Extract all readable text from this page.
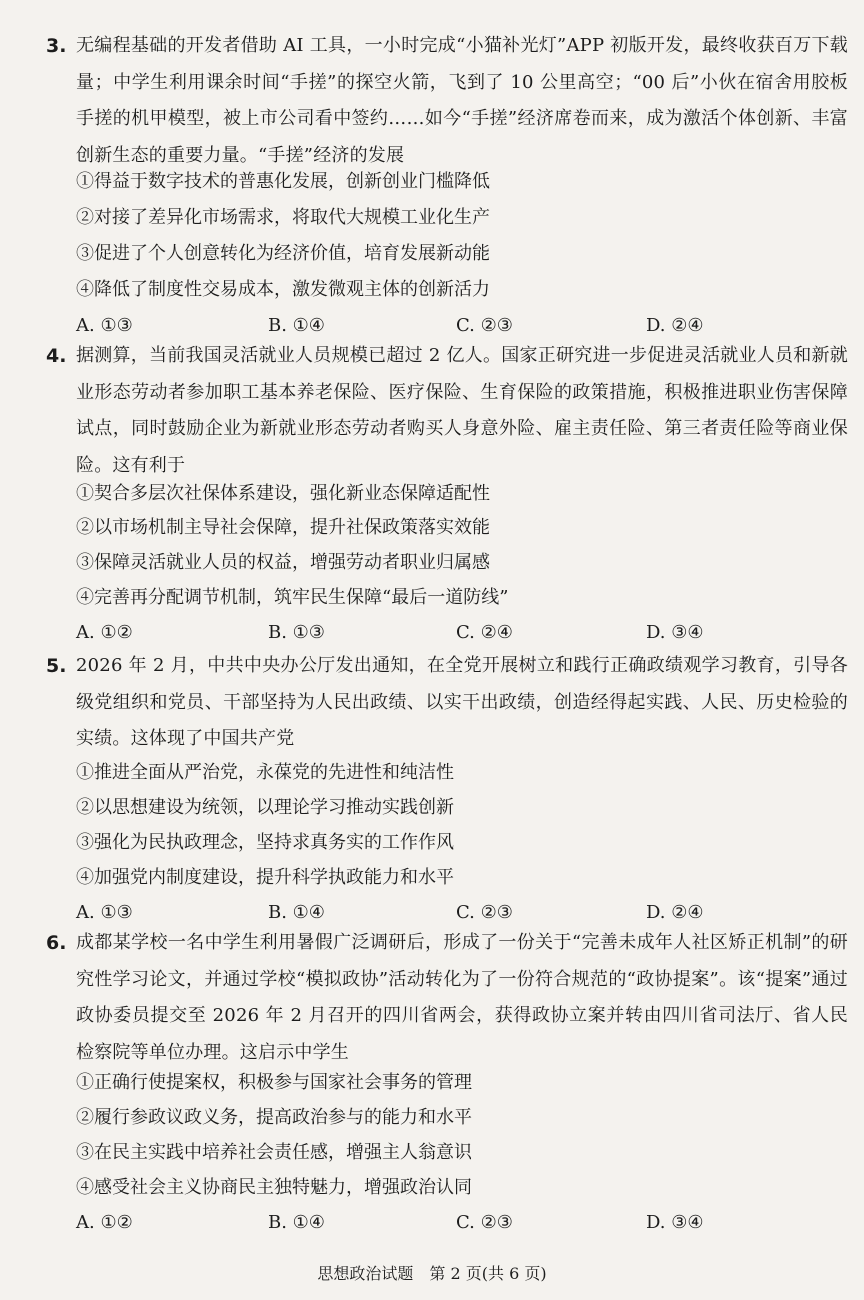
3. 无编程基础的开发者借助 AI 工具，一小时完成“小猫补光灯”APP 初版开发，最终收获百万下载量；中学生利用课余时间“手搓”的探空火箭，飞到了 10 公里高空；“00 后”小伙在宿舍用胶板手搓的机甲模型，被上市公司看中签约……如今“手搓”经济席卷而来，成为激活个体创新、丰富创新生态的重要力量。“手搓”经济的发展
①得益于数字技术的普惠化发展，创新创业门槛降低
②对接了差异化市场需求，将取代大规模工业化生产
③促进了个人创意转化为经济价值，培育发展新动能
④降低了制度性交易成本，激发微观主体的创新活力
A. ①③	B. ①④	C. ②③	D. ②④
4. 据测算，当前我国灵活就业人员规模已超过 2 亿人。国家正研究进一步促进灵活就业人员和新就业形态劳动者参加职工基本养老保险、医疗保险、生育保险的政策措施，积极推进职业伤害保障试点，同时鼓励企业为新就业形态劳动者购买人身意外险、雇主责任险、第三者责任险等商业保险。这有利于
①契合多层次社保体系建设，强化新业态保障适配性
②以市场机制主导社会保障，提升社保政策落实效能
③保障灵活就业人员的权益，增强劳动者职业归属感
④完善再分配调节机制，筑牢民生保障“最后一道防线”
A. ①②	B. ①③	C. ②④	D. ③④
5. 2026 年 2 月，中共中央办公厅发出通知，在全党开展树立和践行正确政绩观学习教育，引导各级党组织和党员、干部坚持为人民出政绩、以实干出政绩，创造经得起实践、人民、历史检验的实绩。这体现了中国共产党
①推进全面从严治党，永葆党的先进性和纯洁性
②以思想建设为统领，以理论学习推动实践创新
③强化为民执政理念，坚持求真务实的工作作风
④加强党内制度建设，提升科学执政能力和水平
A. ①③	B. ①④	C. ②③	D. ②④
6. 成都某学校一名中学生利用暑假广泛调研后，形成了一份关于“完善未成年人社区矫正机制”的研究性学习论文，并通过学校“模拟政协”活动转化为了一份符合规范的“政协提案”。该“提案”通过政协委员提交至 2026 年 2 月召开的四川省两会，获得政协立案并转由四川省司法厅、省人民检察院等单位办理。这启示中学生
①正确行使提案权，积极参与国家社会事务的管理
②履行参政议政义务，提高政治参与的能力和水平
③在民主实践中培养社会责任感，增强主人翁意识
④感受社会主义协商民主独特魅力，增强政治认同
A. ①②	B. ①④	C. ②③	D. ③④
思想政治试题　第 2 页(共 6 页)
